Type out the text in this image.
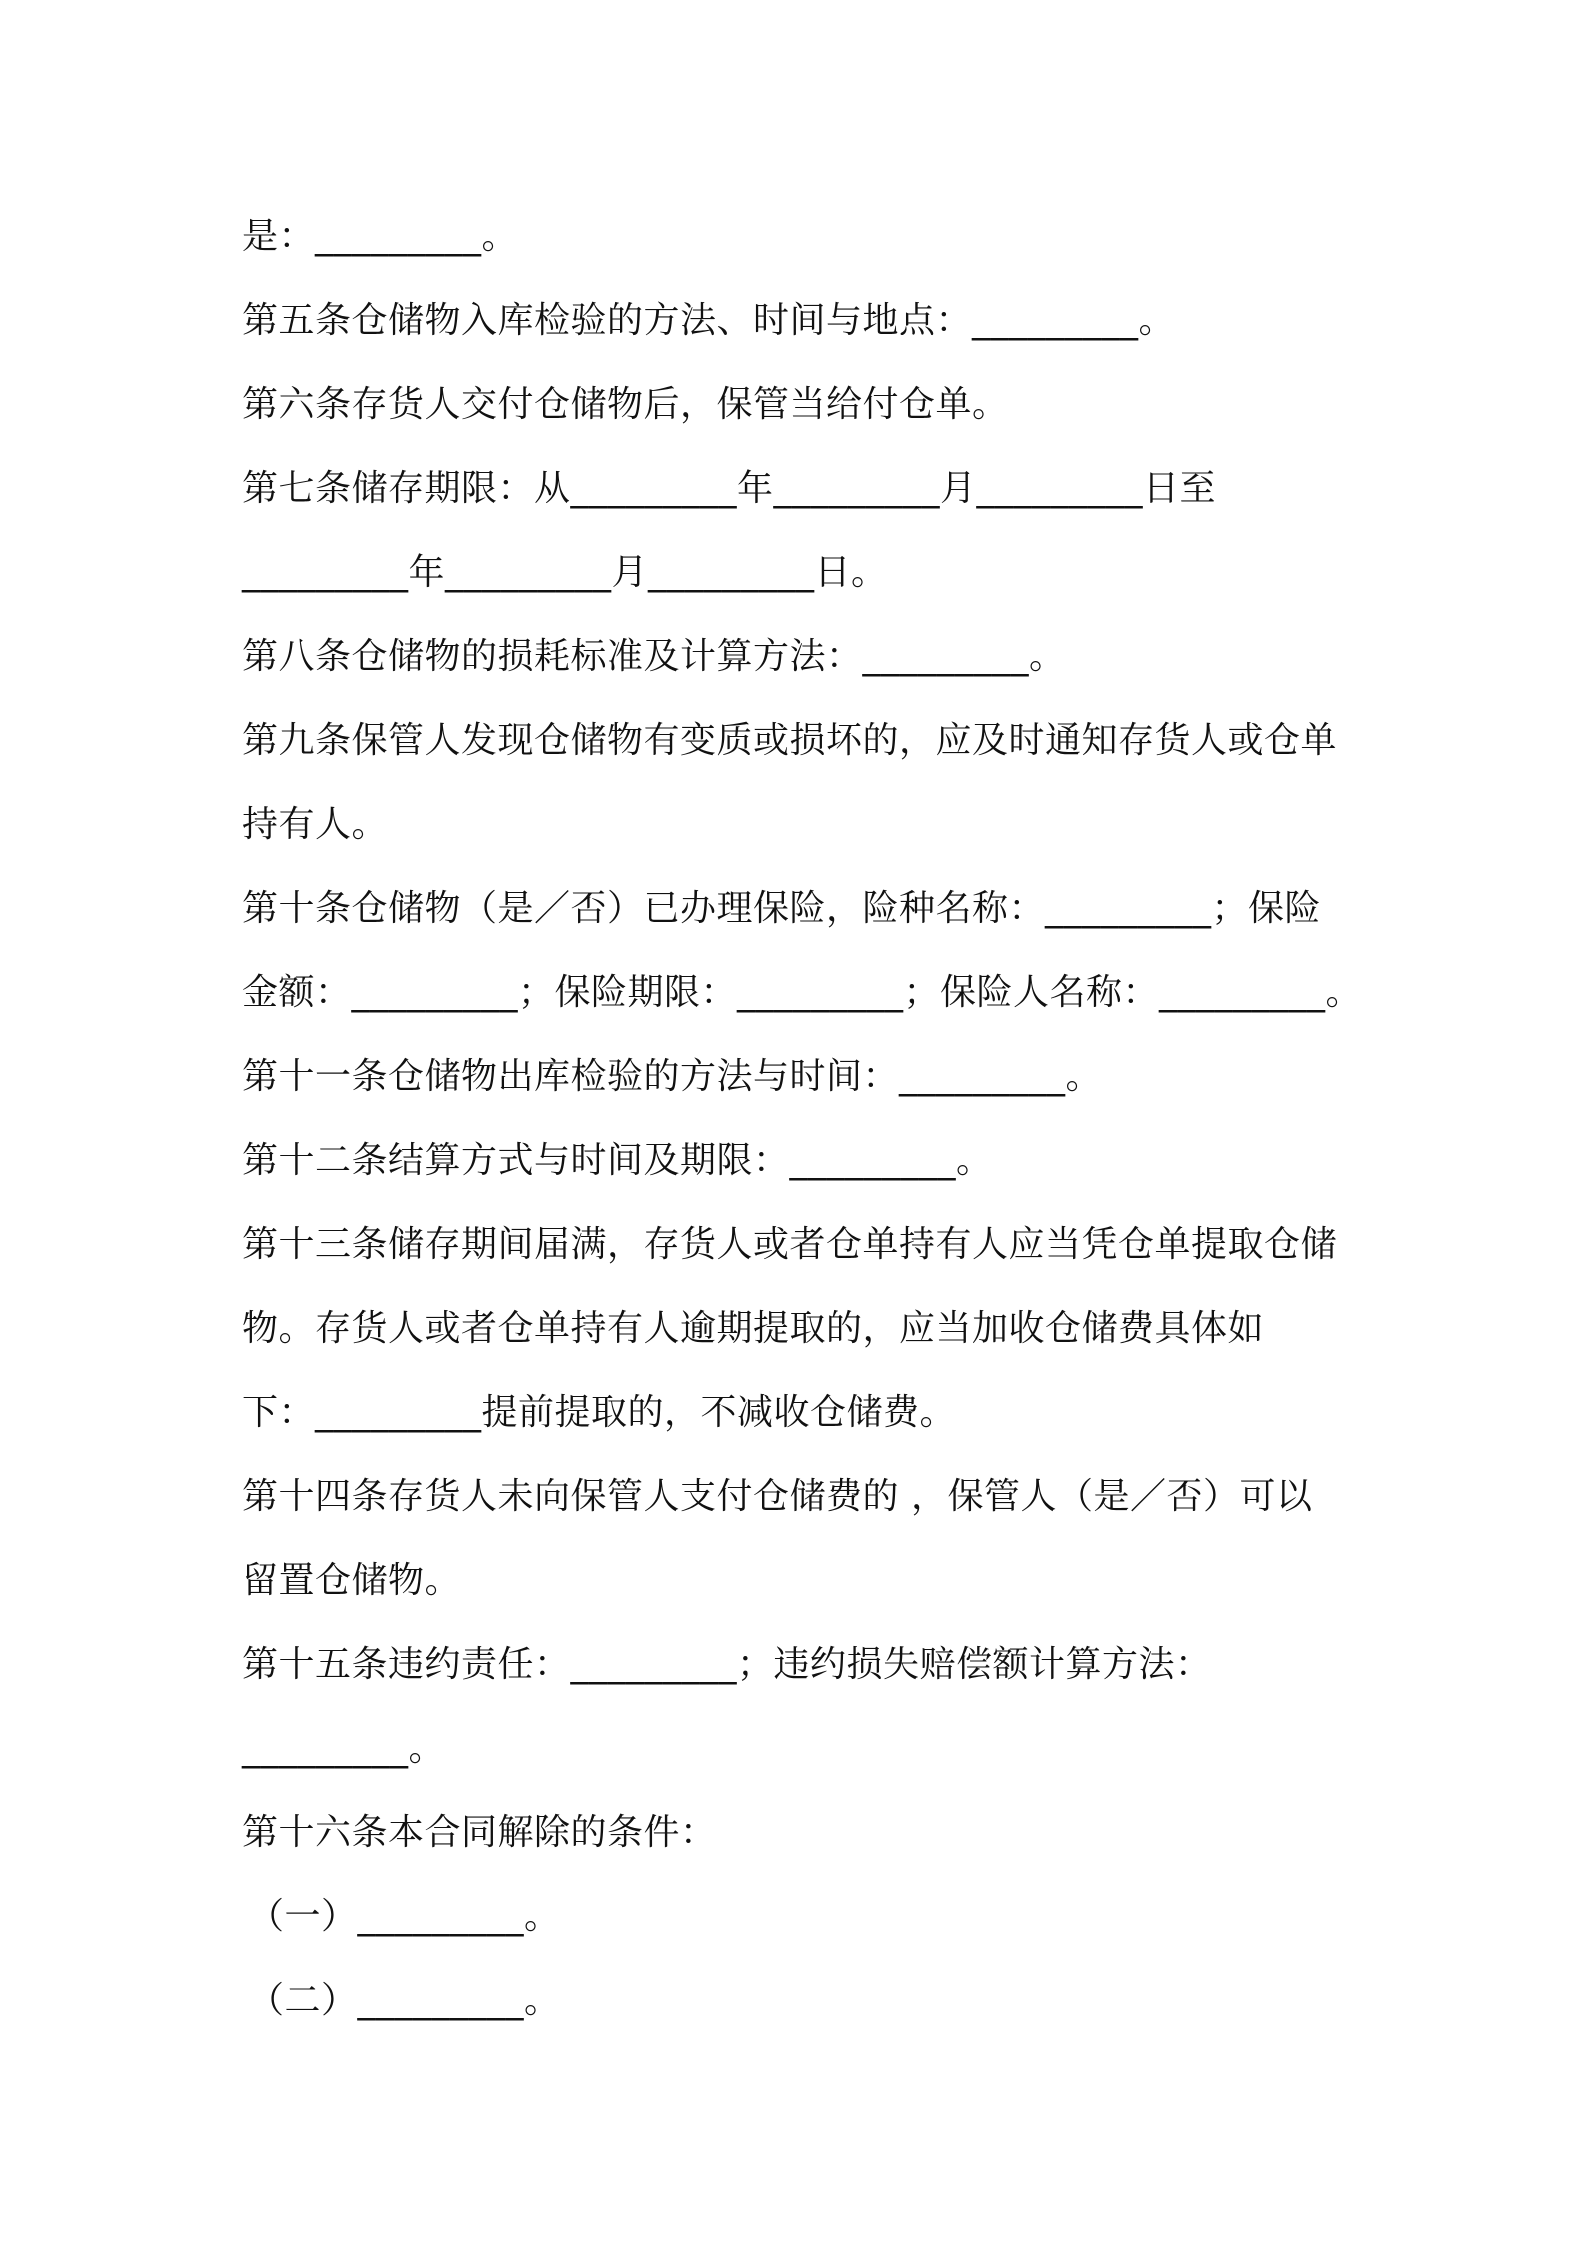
是：_________。
第五条仓储物入库检验的方法、时间与地点：_________。
第六条存货人交付仓储物后，保管当给付仓单。
第七条储存期限：从_________年_________月_________日至
_________年_________月_________日。
第八条仓储物的损耗标准及计算方法：_________。
第九条保管人发现仓储物有变质或损坏的，应及时通知存货人或仓单
持有人。
第十条仓储物（是／否）已办理保险，险种名称：_________；保险
金额：_________；保险期限：_________；保险人名称：_________。
第十一条仓储物出库检验的方法与时间：_________。
第十二条结算方式与时间及期限：_________。
第十三条储存期间届满，存货人或者仓单持有人应当凭仓单提取仓储
物。存货人或者仓单持有人逾期提取的，应当加收仓储费具体如
下：_________提前提取的，不减收仓储费。
第十四条存货人未向保管人支付仓储费的 ，保管人（是／否）可以
留置仓储物。
第十五条违约责任：_________；违约损失赔偿额计算方法：
_________。
第十六条本合同解除的条件：
（一）_________。
（二）_________。
